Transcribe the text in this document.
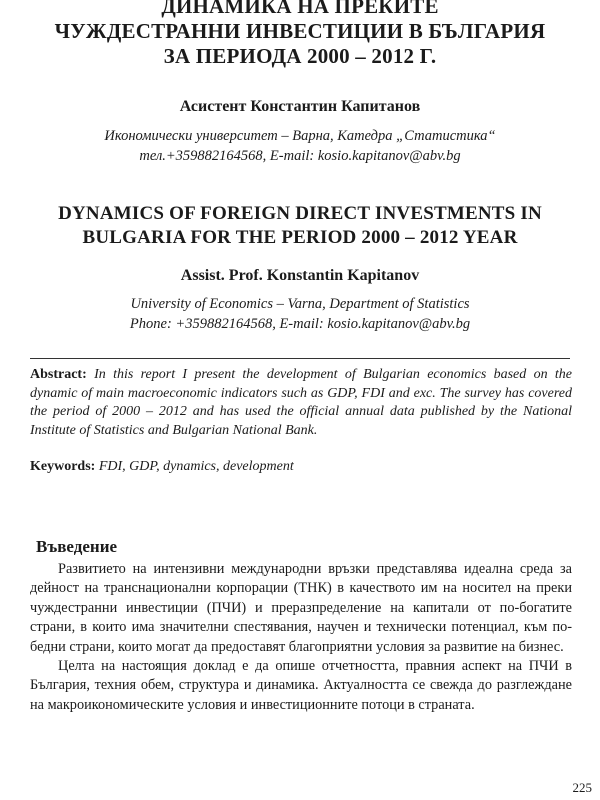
ДИНАМИКА НА ПРЕКИТЕ
ЧУЖДЕСТРАННИ ИНВЕСТИЦИИ В БЪЛГАРИЯ
ЗА ПЕРИОДА 2000 – 2012 Г.
Асистент Константин Капитанов
Икономически университет – Варна, Катедра „Статистика“
тел.+359882164568, E-mail: kosio.kapitanov@abv.bg
DYNAMICS OF FOREIGN DIRECT INVESTMENTS IN
BULGARIA FOR THE PERIOD 2000 – 2012 YEAR
Assist. Prof. Konstantin Kapitanov
University of Economics – Varna, Department of Statistics
Phone: +359882164568, E-mail: kosio.kapitanov@abv.bg
Abstract: In this report I present the development of Bulgarian economics based on the dynamic of main macroeconomic indicators such as GDP, FDI and exc. The survey has covered the period of 2000 – 2012 and has used the official annual data published by the National Institute of Statistics and Bulgarian National Bank.
Keywords: FDI, GDP, dynamics, development
Въведение

Развитието на интензивни международни връзки представлява идеална среда за дейност на транснационални корпорации (ТНК) в качеството им на носител на преки чуждестранни инвестиции (ПЧИ) и преразпределение на капитали от по-богатите страни, в които има значителни спестявания, научен и технически потенциал, към по-бедни страни, които могат да предоставят благоприятни условия за развитие на бизнес.

Целта на настоящия доклад е да опише отчетността, правния аспект на ПЧИ в България, техния обем, структура и динамика. Актуалността се свежда до разглеждане на макроикономическите условия и инвестиционните потоци в страната.

225
